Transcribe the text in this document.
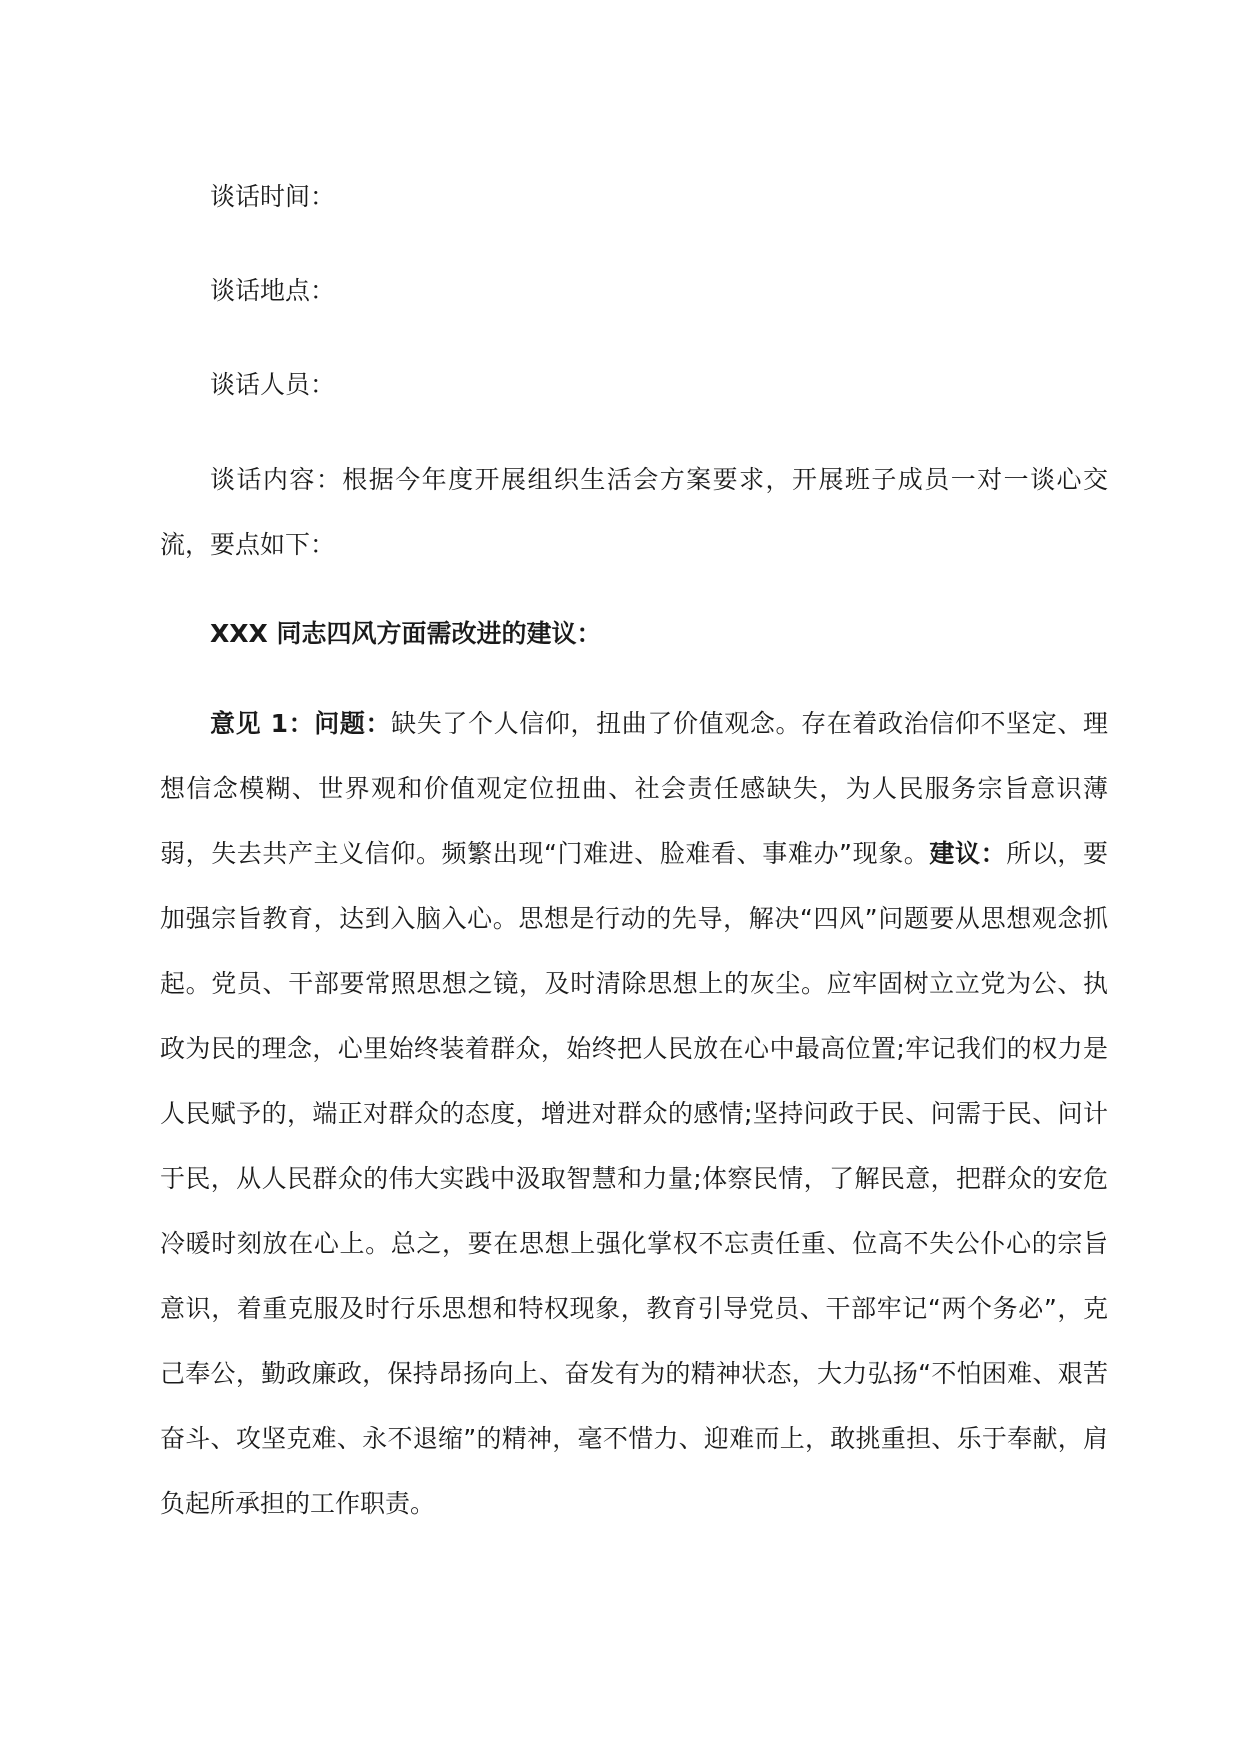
谈话时间：

谈话地点：

谈话人员：

谈话内容：根据今年度开展组织生活会方案要求，开展班子成员一对一谈心交流，要点如下：

XXX 同志四风方面需改进的建议：

意见 1：问题：缺失了个人信仰，扭曲了价值观念。存在着政治信仰不坚定、理想信念模糊、世界观和价值观定位扭曲、社会责任感缺失，为人民服务宗旨意识薄弱，失去共产主义信仰。频繁出现“门难进、脸难看、事难办”现象。建议：所以，要加强宗旨教育，达到入脑入心。思想是行动的先导，解决“四风”问题要从思想观念抓起。党员、干部要常照思想之镜，及时清除思想上的灰尘。应牢固树立立党为公、执政为民的理念，心里始终装着群众，始终把人民放在心中最高位置;牢记我们的权力是人民赋予的，端正对群众的态度，增进对群众的感情;坚持问政于民、问需于民、问计于民，从人民群众的伟大实践中汲取智慧和力量;体察民情，了解民意，把群众的安危冷暖时刻放在心上。总之，要在思想上强化掌权不忘责任重、位高不失公仆心的宗旨意识，着重克服及时行乐思想和特权现象，教育引导党员、干部牢记“两个务必”，克己奉公，勤政廉政，保持昂扬向上、奋发有为的精神状态，大力弘扬“不怕困难、艰苦奋斗、攻坚克难、永不退缩”的精神，毫不惜力、迎难而上，敢挑重担、乐于奉献，肩负起所承担的工作职责。
